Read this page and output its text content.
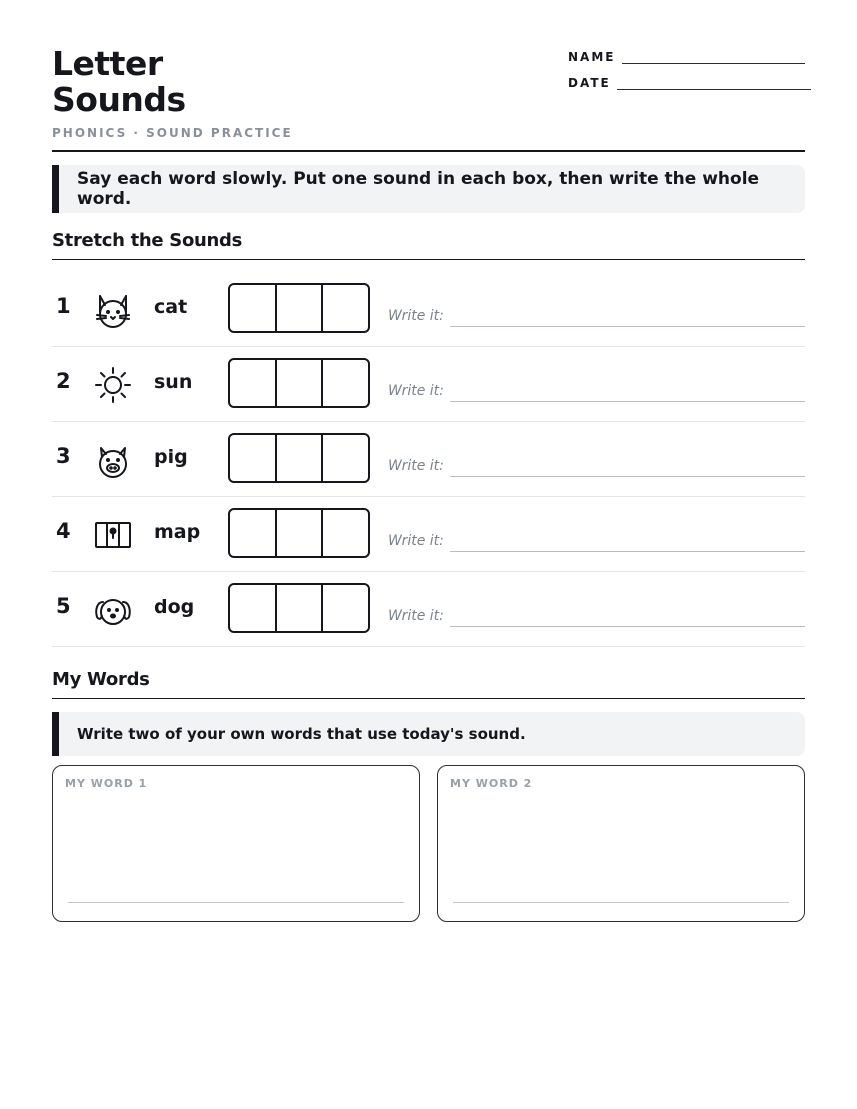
Letter
Sounds
PHONICS · SOUND PRACTICE
NAME
DATE
Say each word slowly. Put one sound in each box, then write the whole word.
Stretch the Sounds
1	cat	Write it:
2	sun	Write it:
3	pig	Write it:
4	map	Write it:
5	dog	Write it:
My Words
Write two of your own words that use today's sound.
MY WORD 1	MY WORD 2
